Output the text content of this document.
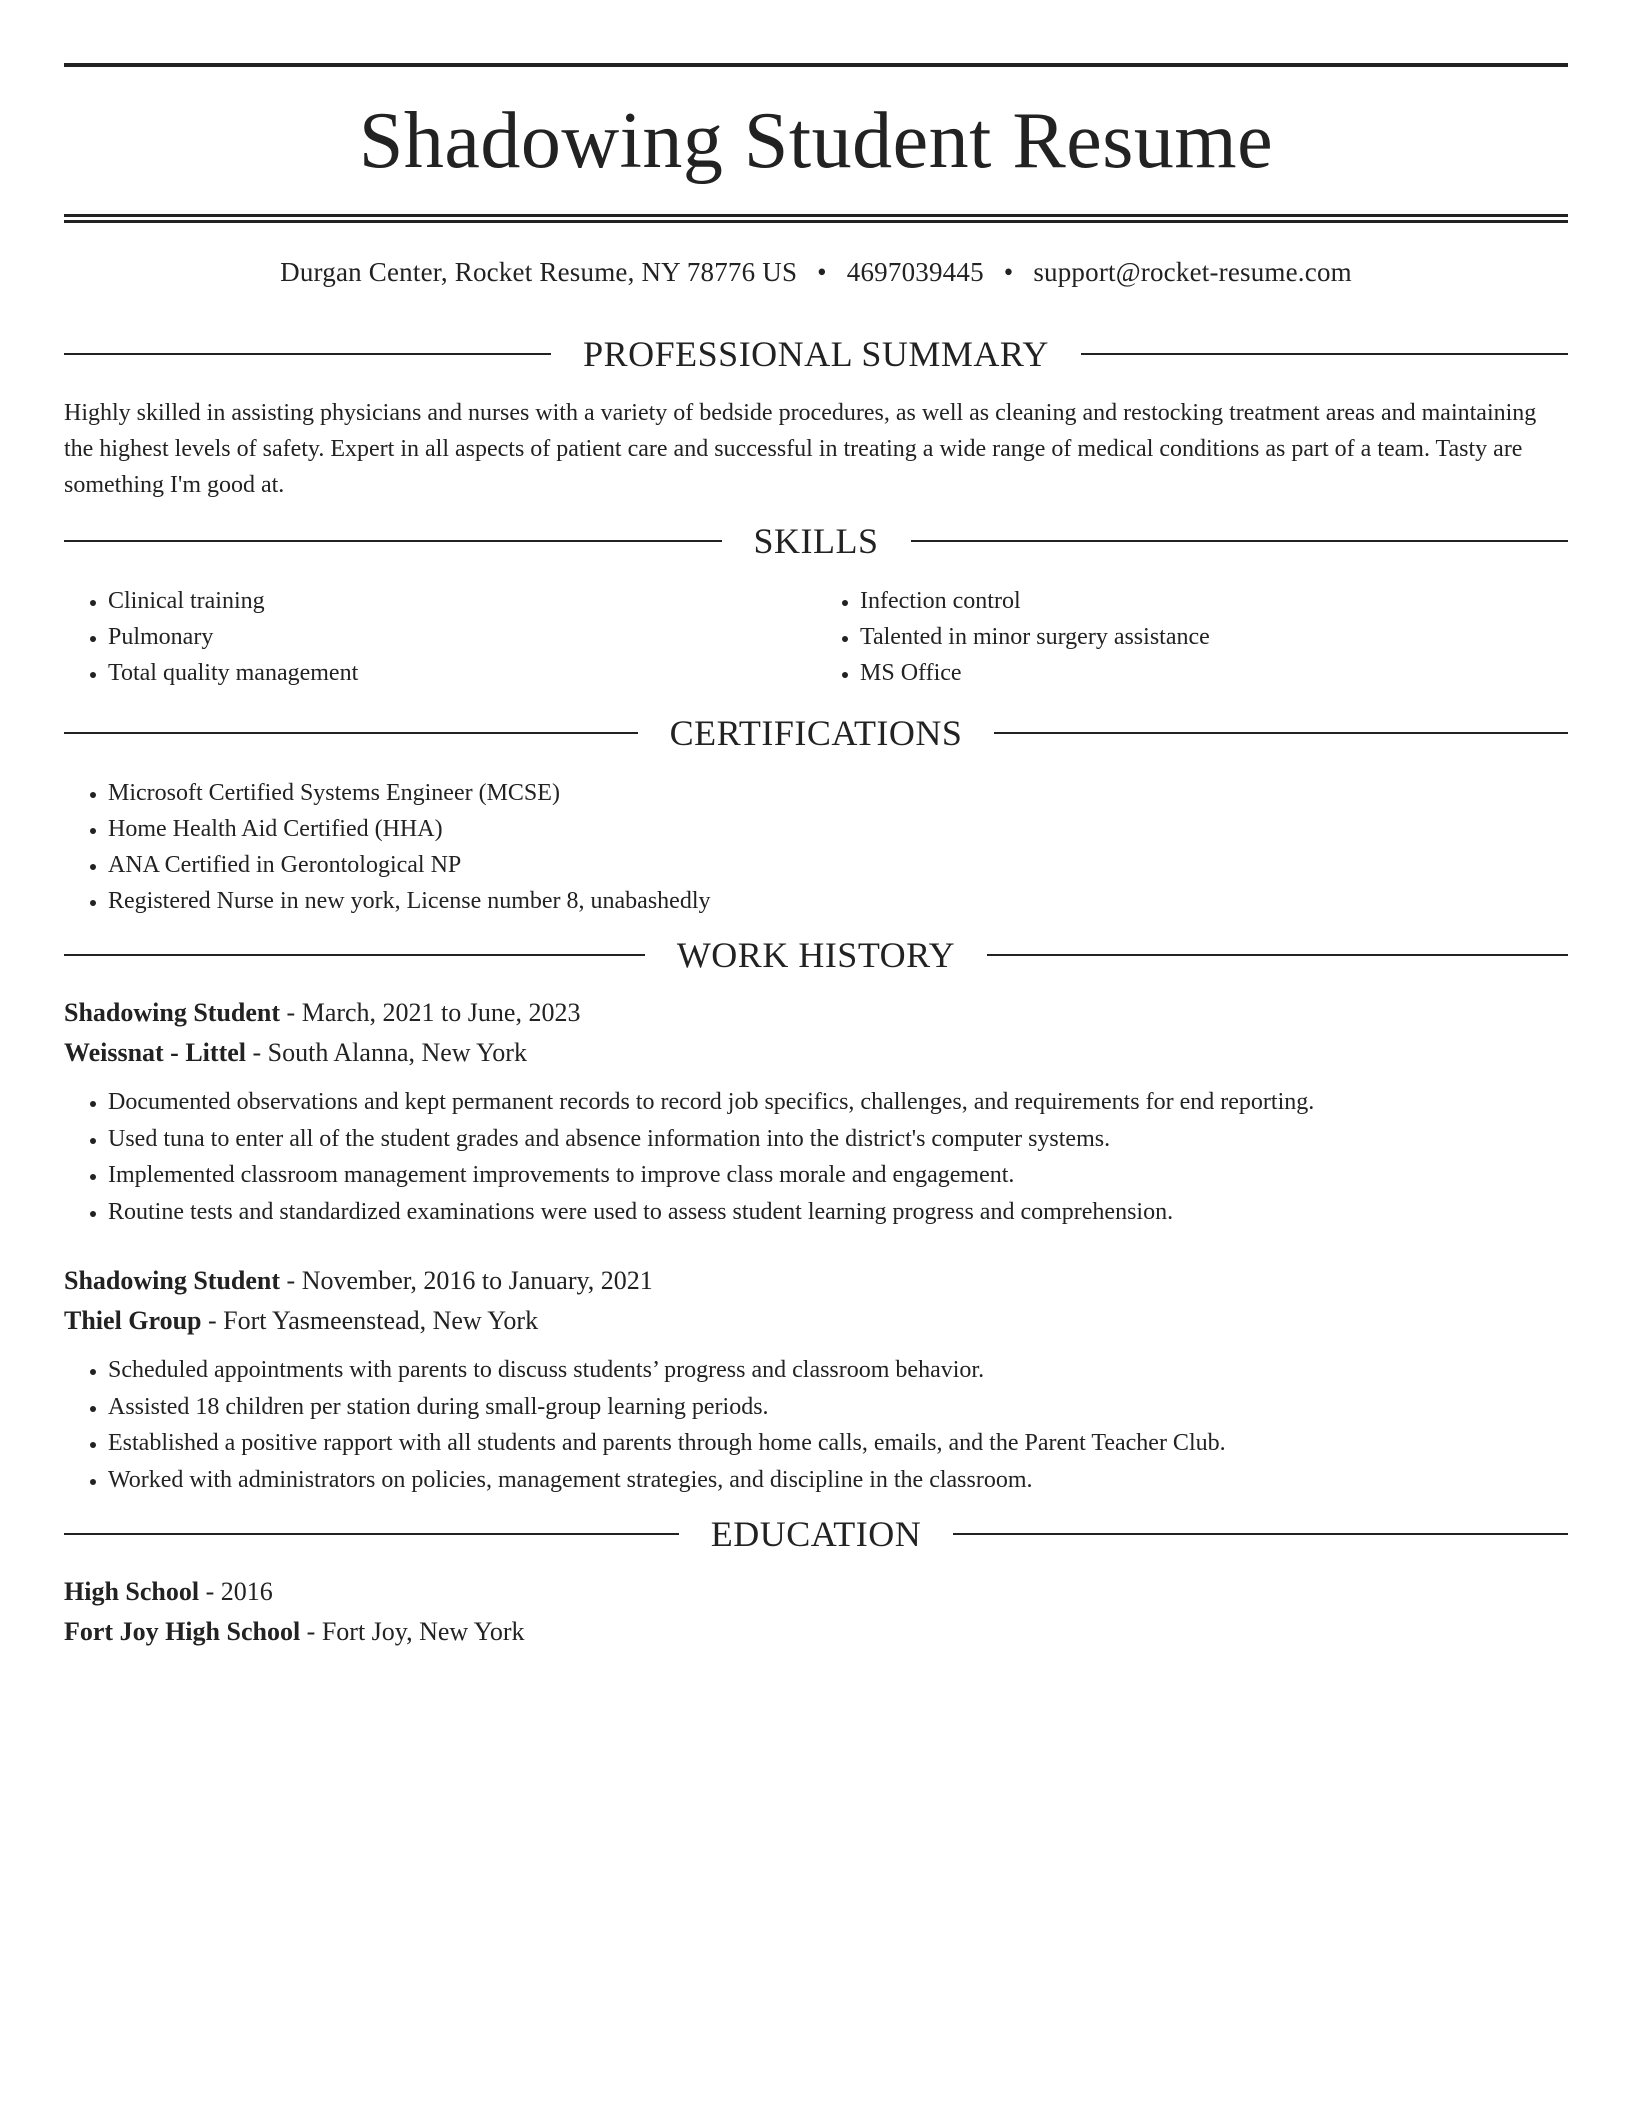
Shadowing Student Resume
Durgan Center, Rocket Resume, NY 78776 US • 4697039445 • support@rocket-resume.com
PROFESSIONAL SUMMARY
Highly skilled in assisting physicians and nurses with a variety of bedside procedures, as well as cleaning and restocking treatment areas and maintaining the highest levels of safety. Expert in all aspects of patient care and successful in treating a wide range of medical conditions as part of a team. Tasty are something I'm good at.
SKILLS
• Clinical training
• Pulmonary
• Total quality management
• Infection control
• Talented in minor surgery assistance
• MS Office
CERTIFICATIONS
• Microsoft Certified Systems Engineer (MCSE)
• Home Health Aid Certified (HHA)
• ANA Certified in Gerontological NP
• Registered Nurse in new york, License number 8, unabashedly
WORK HISTORY
Shadowing Student - March, 2021 to June, 2023
Weissnat - Littel - South Alanna, New York
• Documented observations and kept permanent records to record job specifics, challenges, and requirements for end reporting.
• Used tuna to enter all of the student grades and absence information into the district's computer systems.
• Implemented classroom management improvements to improve class morale and engagement.
• Routine tests and standardized examinations were used to assess student learning progress and comprehension.
Shadowing Student - November, 2016 to January, 2021
Thiel Group - Fort Yasmeenstead, New York
• Scheduled appointments with parents to discuss students’ progress and classroom behavior.
• Assisted 18 children per station during small-group learning periods.
• Established a positive rapport with all students and parents through home calls, emails, and the Parent Teacher Club.
• Worked with administrators on policies, management strategies, and discipline in the classroom.
EDUCATION
High School - 2016
Fort Joy High School - Fort Joy, New York
